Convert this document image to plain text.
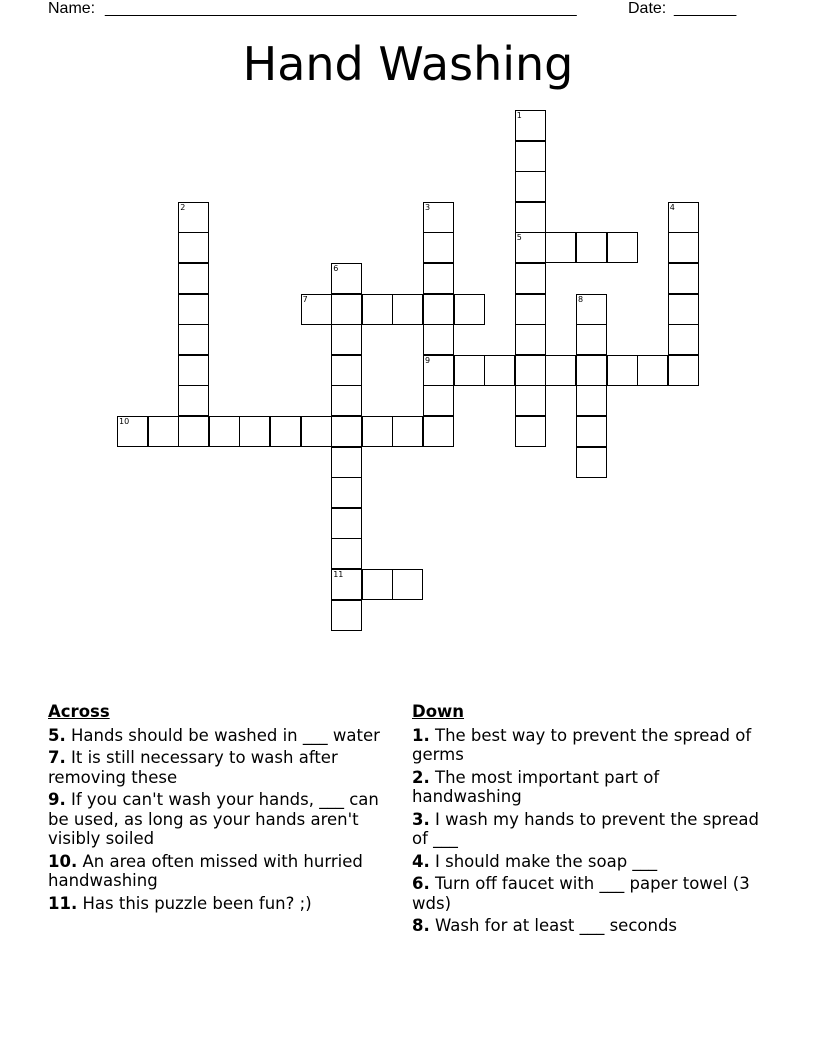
Name: _____________________________________________________	Date: _______
Hand Washing
1
5
2	3
9
4
6
11
7	8
10
Across
5. Hands should be washed in ___ water
7. It is still necessary to wash after removing these
9. If you can't wash your hands, ___ can be used, as long as your hands aren't visibly soiled
10. An area often missed with hurried handwashing
11. Has this puzzle been fun? ;)
Down
1. The best way to prevent the spread of germs
2. The most important part of handwashing
3. I wash my hands to prevent the spread of ___
4. I should make the soap ___
6. Turn off faucet with ___ paper towel (3 wds)
8. Wash for at least ___ seconds
